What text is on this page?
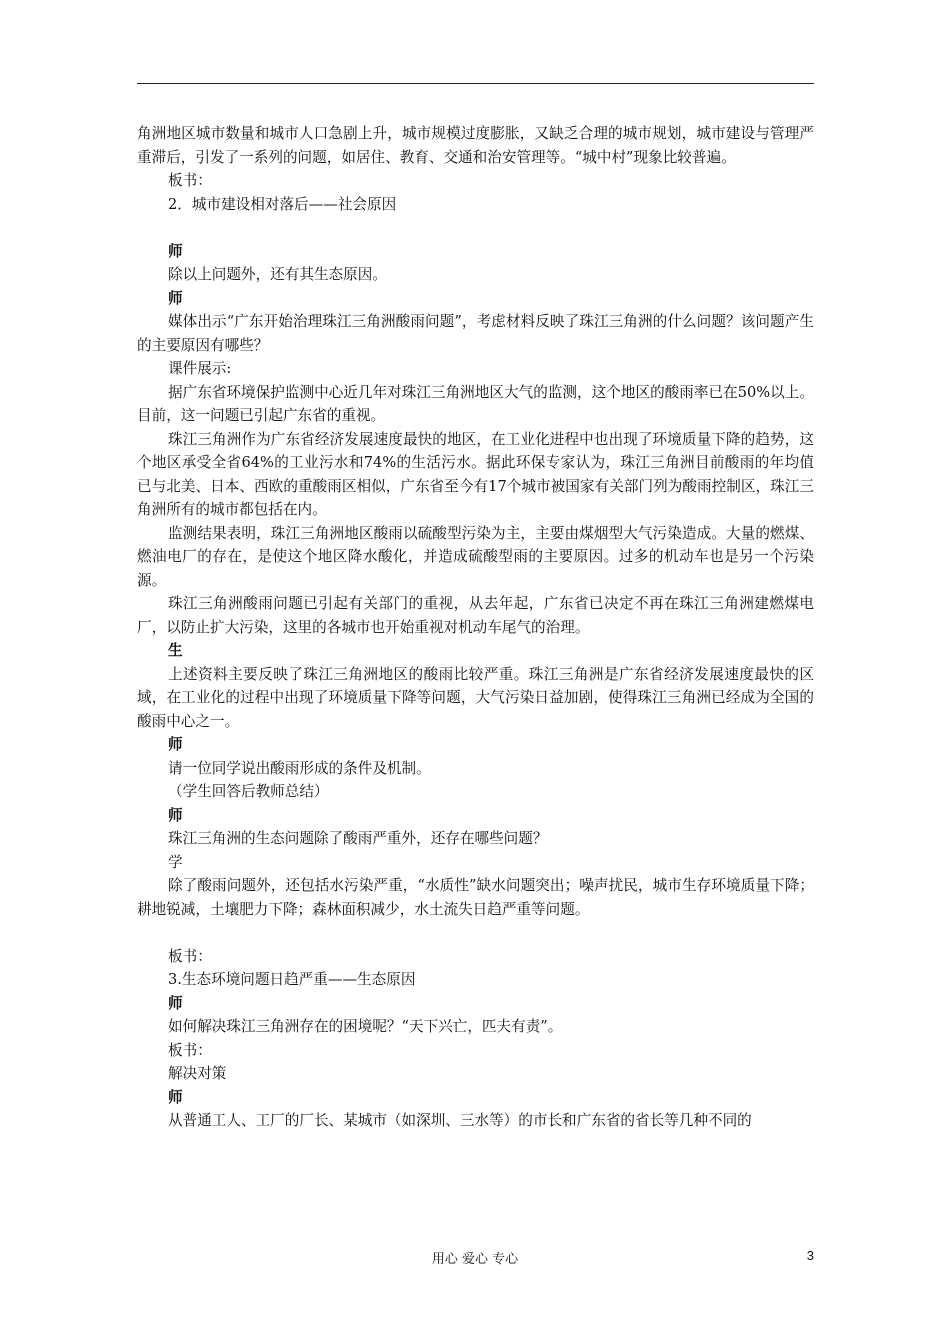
角洲地区城市数量和城市人口急剧上升，城市规模过度膨胀，又缺乏合理的城市规划，城市建设与管理严重滞后，引发了一系列的问题，如居住、教育、交通和治安管理等。“城中村”现象比较普遍。

板书：

2．城市建设相对落后——社会原因

师

除以上问题外，还有其生态原因。

师

媒体出示“广东开始治理珠江三角洲酸雨问题”，考虑材料反映了珠江三角洲的什么问题？该问题产生的主要原因有哪些？

课件展示:

据广东省环境保护监测中心近几年对珠江三角洲地区大气的监测，这个地区的酸雨率已在50%以上。目前，这一问题已引起广东省的重视。

珠江三角洲作为广东省经济发展速度最快的地区，在工业化进程中也出现了环境质量下降的趋势，这个地区承受全省64%的工业污水和74%的生活污水。据此环保专家认为，珠江三角洲目前酸雨的年均值已与北美、日本、西欧的重酸雨区相似，广东省至今有17个城市被国家有关部门列为酸雨控制区，珠江三角洲所有的城市都包括在内。

监测结果表明，珠江三角洲地区酸雨以硫酸型污染为主，主要由煤烟型大气污染造成。大量的燃煤、燃油电厂的存在，是使这个地区降水酸化，并造成硫酸型雨的主要原因。过多的机动车也是另一个污染源。

珠江三角洲酸雨问题已引起有关部门的重视，从去年起，广东省已决定不再在珠江三角洲建燃煤电厂，以防止扩大污染，这里的各城市也开始重视对机动车尾气的治理。

生

上述资料主要反映了珠江三角洲地区的酸雨比较严重。珠江三角洲是广东省经济发展速度最快的区域，在工业化的过程中出现了环境质量下降等问题，大气污染日益加剧，使得珠江三角洲已经成为全国的酸雨中心之一。

师

请一位同学说出酸雨形成的条件及机制。

（学生回答后教师总结）

师

珠江三角洲的生态问题除了酸雨严重外，还存在哪些问题？

学

除了酸雨问题外，还包括水污染严重，“水质性”缺水问题突出；噪声扰民，城市生存环境质量下降；耕地锐减，土壤肥力下降；森林面积减少，水土流失日趋严重等问题。

板书：

3.生态环境问题日趋严重——生态原因

师

如何解决珠江三角洲存在的困境呢？“天下兴亡，匹夫有责”。

板书：

解决对策

师

从普通工人、工厂的厂长、某城市（如深圳、三水等）的市长和广东省的省长等几种不同的

用心 爱心 专心	3
